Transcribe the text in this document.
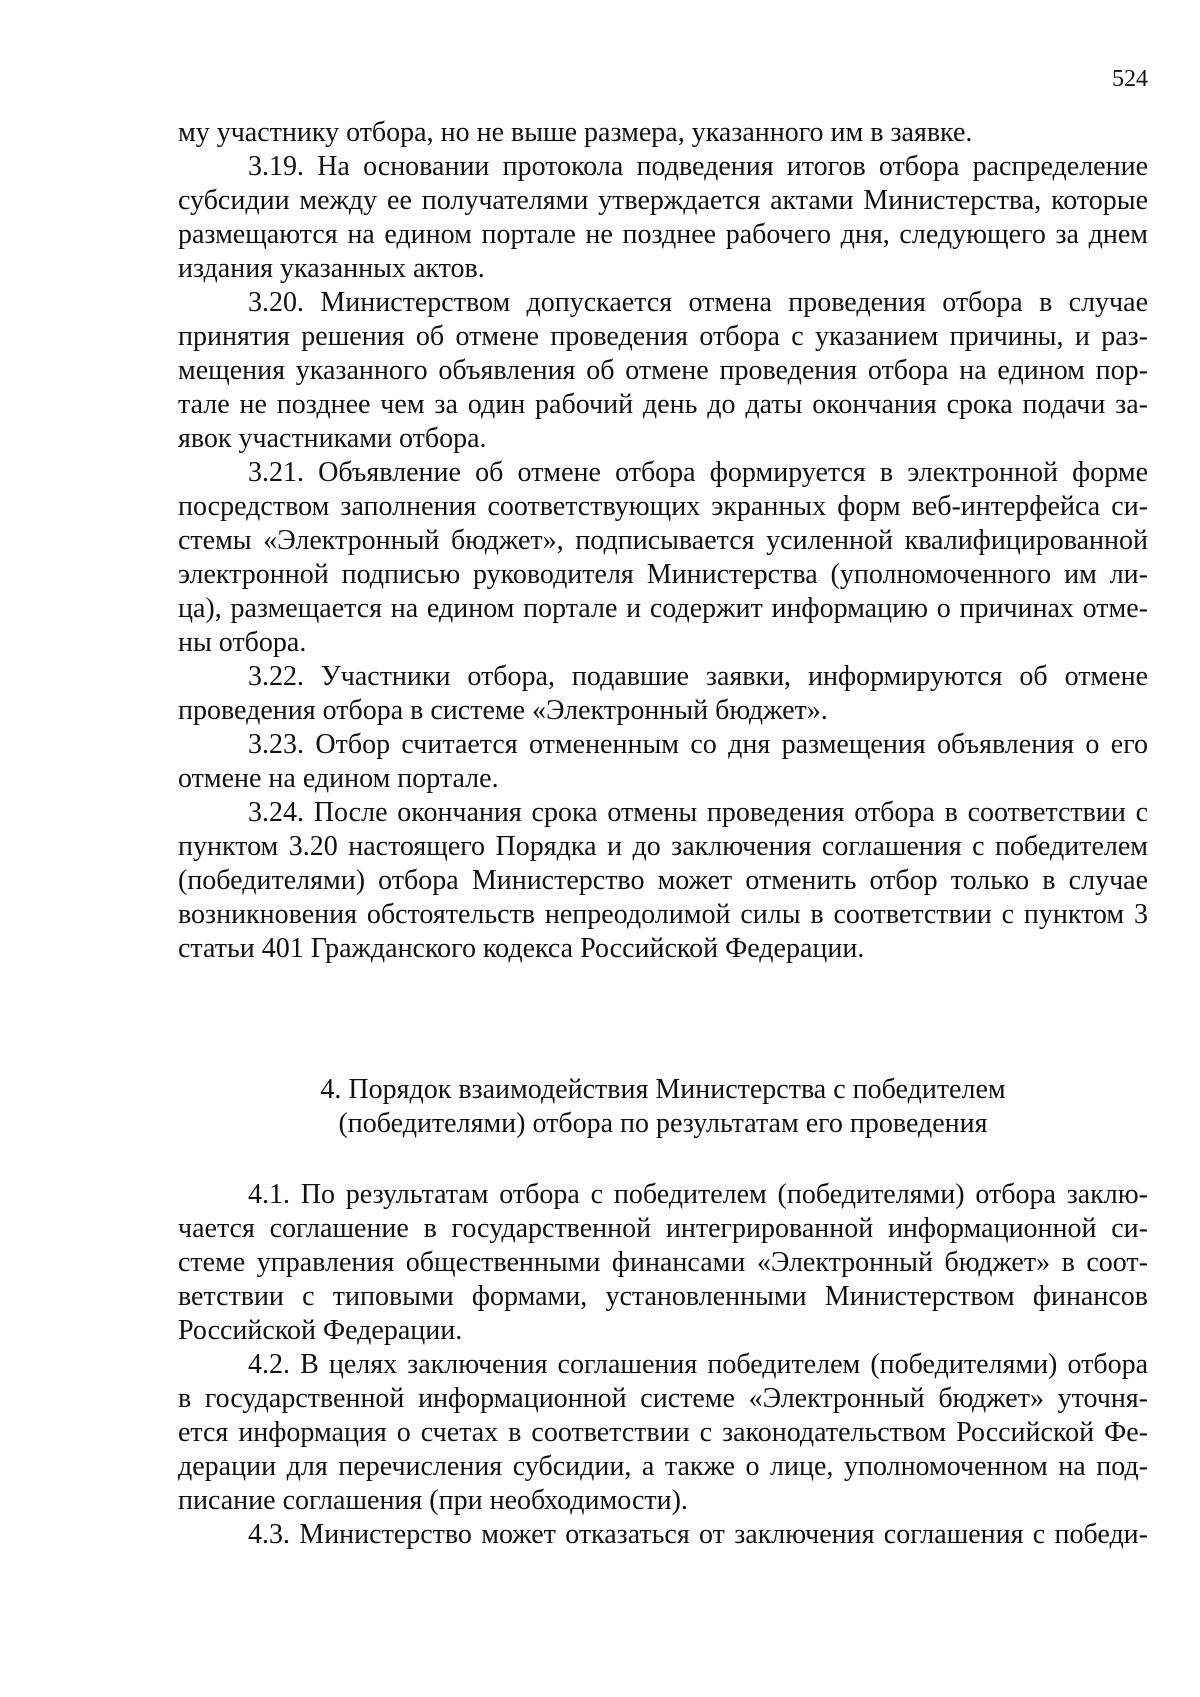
524

му участнику отбора, но не выше размера, указанного им в заявке.

3.19. На основании протокола подведения итогов отбора распределение

субсидии между ее получателями утверждается актами Министерства, которые

размещаются на едином портале не позднее рабочего дня, следующего за днем

издания указанных актов.

3.20. Министерством допускается отмена проведения отбора в случае

принятия решения об отмене проведения отбора с указанием причины, и раз-

мещения указанного объявления об отмене проведения отбора на едином пор-

тале не позднее чем за один рабочий день до даты окончания срока подачи за-

явок участниками отбора.

3.21. Объявление об отмене отбора формируется в электронной форме

посредством заполнения соответствующих экранных форм веб-интерфейса си-

стемы «Электронный бюджет», подписывается усиленной квалифицированной

электронной подписью руководителя Министерства (уполномоченного им ли-

ца), размещается на едином портале и содержит информацию о причинах отме-

ны отбора.

3.22. Участники отбора, подавшие заявки, информируются об отмене

проведения отбора в системе «Электронный бюджет».

3.23. Отбор считается отмененным со дня размещения объявления о его

отмене на едином портале.

3.24. После окончания срока отмены проведения отбора в соответствии с

пунктом 3.20 настоящего Порядка и до заключения соглашения с победителем

(победителями) отбора Министерство может отменить отбор только в случае

возникновения обстоятельств непреодолимой силы в соответствии с пунктом 3

статьи 401 Гражданского кодекса Российской Федерации.

4. Порядок взаимодействия Министерства с победителем

(победителями) отбора по результатам его проведения

4.1. По результатам отбора с победителем (победителями) отбора заклю-

чается соглашение в государственной интегрированной информационной си-

стеме управления общественными финансами «Электронный бюджет» в соот-

ветствии с типовыми формами, установленными Министерством финансов

Российской Федерации.

4.2. В целях заключения соглашения победителем (победителями) отбора

в государственной информационной системе «Электронный бюджет» уточня-

ется информация о счетах в соответствии с законодательством Российской Фе-

дерации для перечисления субсидии, а также о лице, уполномоченном на под-

писание соглашения (при необходимости).

4.3. Министерство может отказаться от заключения соглашения с победи-
